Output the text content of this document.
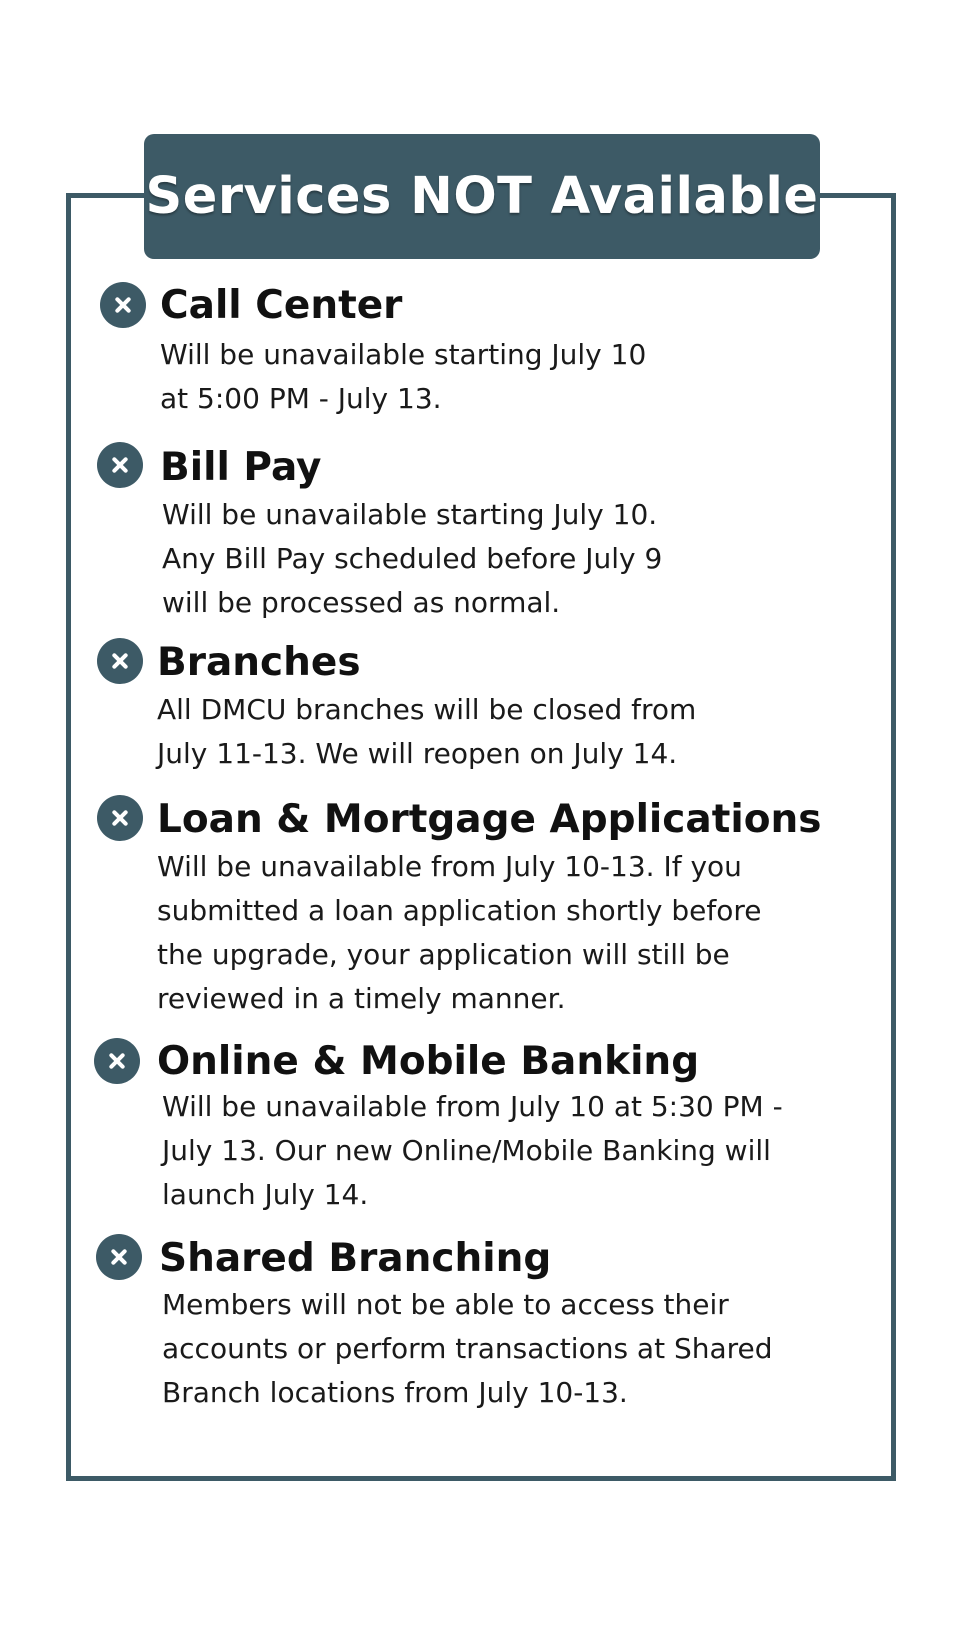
Services NOT Available
Call Center
Will be unavailable starting July 10
at 5:00 PM - July 13.
Bill Pay
Will be unavailable starting July 10.
Any Bill Pay scheduled before July 9
will be processed as normal.
Branches
All DMCU branches will be closed from
July 11-13. We will reopen on July 14.
Loan & Mortgage Applications
Will be unavailable from July 10-13. If you
submitted a loan application shortly before
the upgrade, your application will still be
reviewed in a timely manner.
Online & Mobile Banking
Will be unavailable from July 10 at 5:30 PM -
July 13. Our new Online/Mobile Banking will
launch July 14.
Shared Branching
Members will not be able to access their
accounts or perform transactions at Shared
Branch locations from July 10-13.
